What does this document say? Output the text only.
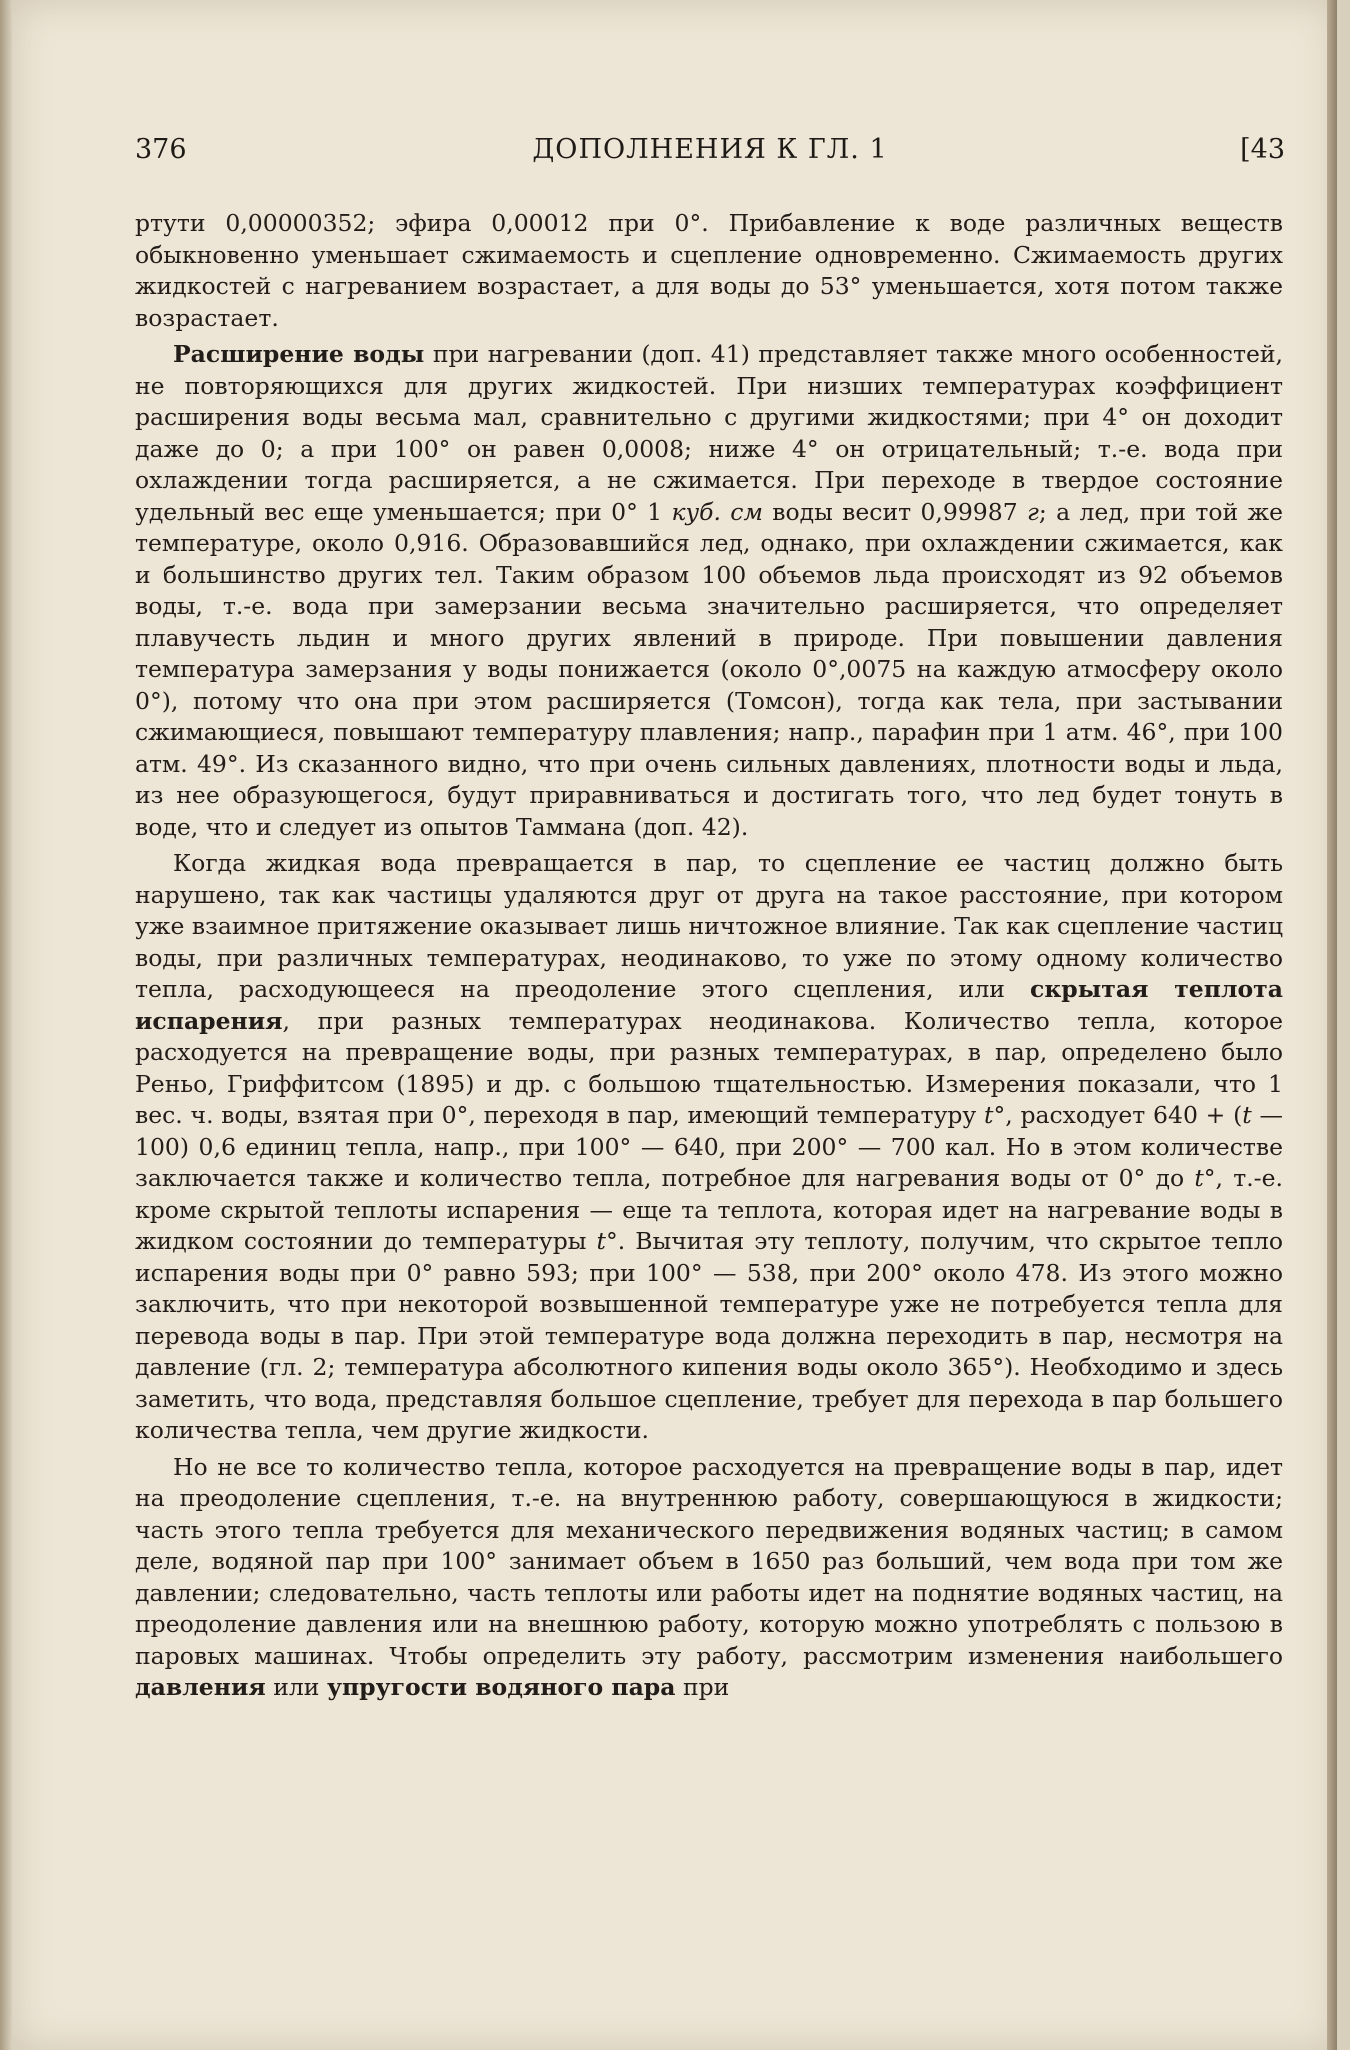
376	ДОПОЛНЕНИЯ К ГЛ. 1	[43

ртути 0,00000352; эфира 0,00012 при 0°. Прибавление к воде различных веществ обыкновенно уменьшает сжимаемость и сцепление одновременно. Сжимаемость других жидкостей с нагреванием возрастает, а для воды до 53° уменьшается, хотя потом также возрастает.

Расширение воды при нагревании (доп. 41) представляет также много особенностей, не повторяющихся для других жидкостей. При низших температурах коэффициент расширения воды весьма мал, сравнительно с другими жидкостями; при 4° он доходит даже до 0; а при 100° он равен 0,0008; ниже 4° он отрицательный; т.-е. вода при охлаждении тогда расширяется, а не сжимается. При переходе в твердое состояние удельный вес еще уменьшается; при 0° 1 куб. см воды весит 0,99987 г; а лед, при той же температуре, около 0,916. Образовавшийся лед, однако, при охлаждении сжимается, как и большинство других тел. Таким образом 100 объемов льда происходят из 92 объемов воды, т.-е. вода при замерзании весьма значительно расширяется, что определяет плавучесть льдин и много других явлений в природе. При повышении давления температура замерзания у воды понижается (около 0°,0075 на каждую атмосферу около 0°), потому что она при этом расширяется (Томсон), тогда как тела, при застывании сжимающиеся, повышают температуру плавления; напр., парафин при 1 атм. 46°, при 100 атм. 49°. Из сказанного видно, что при очень сильных давлениях, плотности воды и льда, из нее образующегося, будут приравниваться и достигать того, что лед будет тонуть в воде, что и следует из опытов Таммана (доп. 42).

Когда жидкая вода превращается в пар, то сцепление ее частиц должно быть нарушено, так как частицы удаляются друг от друга на такое расстояние, при котором уже взаимное притяжение оказывает лишь ничтожное влияние. Так как сцепление частиц воды, при различных температурах, неодинаково, то уже по этому одному количество тепла, расходующееся на преодоление этого сцепления, или скрытая теплота испарения, при разных температурах неодинакова. Количество тепла, которое расходуется на превращение воды, при разных температурах, в пар, определено было Реньо, Гриффитсом (1895) и др. с большою тщательностью. Измерения показали, что 1 вес. ч. воды, взятая при 0°, переходя в пар, имеющий температуру t°, расходует 640 + (t — 100) 0,6 единиц тепла, напр., при 100° — 640, при 200° — 700 кал. Но в этом количестве заключается также и количество тепла, потребное для нагревания воды от 0° до t°, т.-е. кроме скрытой теплоты испарения — еще та теплота, которая идет на нагревание воды в жидком состоянии до температуры t°. Вычитая эту теплоту, получим, что скрытое тепло испарения воды при 0° равно 593; при 100° — 538, при 200° около 478. Из этого можно заключить, что при некоторой возвышенной температуре уже не потребуется тепла для перевода воды в пар. При этой температуре вода должна переходить в пар, несмотря на давление (гл. 2; температура абсолютного кипения воды около 365°). Необходимо и здесь заметить, что вода, представляя большое сцепление, требует для перехода в пар большего количества тепла, чем другие жидкости.

Но не все то количество тепла, которое расходуется на превращение воды в пар, идет на преодоление сцепления, т.-е. на внутреннюю работу, совершающуюся в жидкости; часть этого тепла требуется для механического передвижения водяных частиц; в самом деле, водяной пар при 100° занимает объем в 1650 раз больший, чем вода при том же давлении; следовательно, часть теплоты или работы идет на поднятие водяных частиц, на преодоление давления или на внешнюю работу, которую можно употреблять с пользою в паровых машинах. Чтобы определить эту работу, рассмотрим изменения наибольшего давления или упругости водяного пара при
